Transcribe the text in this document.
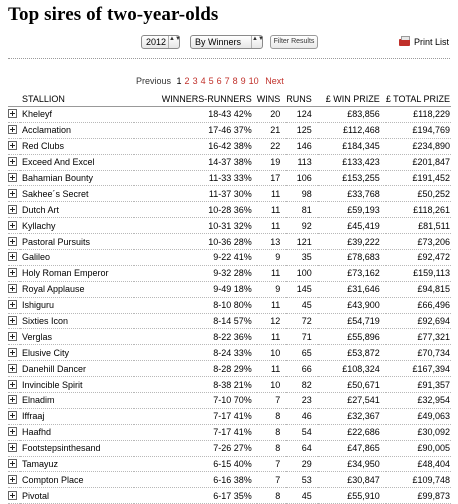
Top sires of two-year-olds
2012 ▲▼	By Winners ▲▼	Filter Results	Print List
Previous 1 2 3 4 5 6 7 8 9 10 Next
	STALLION	WINNERS-RUNNERS	WINS	RUNS	£ WIN PRIZE	£ TOTAL PRIZE
	Kheleyf	18-43 42%	20	124	£83,856	£118,229
	Acclamation	17-46 37%	21	125	£112,468	£194,769
	Red Clubs	16-42 38%	22	146	£184,345	£234,890
	Exceed And Excel	14-37 38%	19	113	£133,423	£201,847
	Bahamian Bounty	11-33 33%	17	106	£153,255	£191,452
	Sakhee´s Secret	11-37 30%	11	98	£33,768	£50,252
	Dutch Art	10-28 36%	11	81	£59,193	£118,261
	Kyllachy	10-31 32%	11	92	£45,419	£81,511
	Pastoral Pursuits	10-36 28%	13	121	£39,222	£73,206
	Galileo	9-22 41%	9	35	£78,683	£92,472
	Holy Roman Emperor	9-32 28%	11	100	£73,162	£159,113
	Royal Applause	9-49 18%	9	145	£31,646	£94,815
	Ishiguru	8-10 80%	11	45	£43,900	£66,496
	Sixties Icon	8-14 57%	12	72	£54,719	£92,694
	Verglas	8-22 36%	11	71	£55,896	£77,321
	Elusive City	8-24 33%	10	65	£53,872	£70,734
	Danehill Dancer	8-28 29%	11	66	£108,324	£167,394
	Invincible Spirit	8-38 21%	10	82	£50,671	£91,357
	Elnadim	7-10 70%	7	23	£27,541	£32,954
	Iffraaj	7-17 41%	8	46	£32,367	£49,063
	Haafhd	7-17 41%	8	54	£22,686	£30,092
	Footstepsinthesand	7-26 27%	8	64	£47,865	£90,005
	Tamayuz	6-15 40%	7	29	£34,950	£48,404
	Compton Place	6-16 38%	7	53	£30,847	£109,748
	Pivotal	6-17 35%	8	45	£55,910	£99,873
